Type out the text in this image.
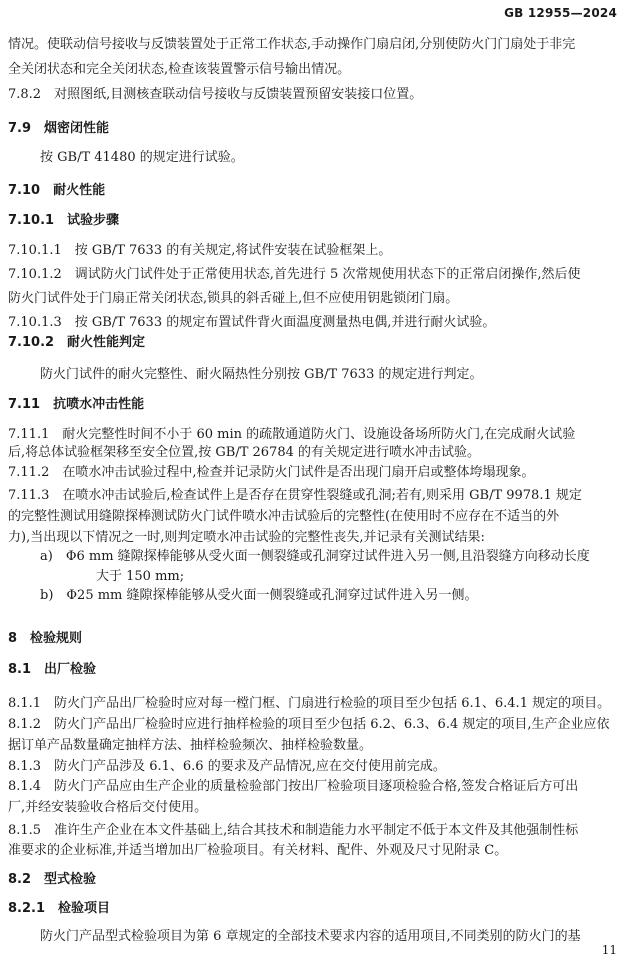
GB 12955—2024
情况。使联动信号接收与反馈装置处于正常工作状态,手动操作门扇启闭,分别使防火门门扇处于非完
全关闭状态和完全关闭状态,检查该装置警示信号输出情况。
7.8.2　对照图纸,目测核查联动信号接收与反馈装置预留安装接口位置。
7.9　烟密闭性能
按 GB/T 41480 的规定进行试验。
7.10　耐火性能
7.10.1　试验步骤
7.10.1.1　按 GB/T 7633 的有关规定,将试件安装在试验框架上。
7.10.1.2　调试防火门试件处于正常使用状态,首先进行 5 次常规使用状态下的正常启闭操作,然后使
防火门试件处于门扇正常关闭状态,锁具的斜舌碰上,但不应使用钥匙锁闭门扇。
7.10.1.3　按 GB/T 7633 的规定布置试件背火面温度测量热电偶,并进行耐火试验。
7.10.2　耐火性能判定
防火门试件的耐火完整性、耐火隔热性分别按 GB/T 7633 的规定进行判定。
7.11　抗喷水冲击性能
7.11.1　耐火完整性时间不小于 60 min 的疏散通道防火门、设施设备场所防火门,在完成耐火试验
后,将总体试验框架移至安全位置,按 GB/T 26784 的有关规定进行喷水冲击试验。
7.11.2　在喷水冲击试验过程中,检查并记录防火门试件是否出现门扇开启或整体垮塌现象。
7.11.3　在喷水冲击试验后,检查试件上是否存在贯穿性裂缝或孔洞;若有,则采用 GB/T 9978.1 规定
的完整性测试用缝隙探棒测试防火门试件喷水冲击试验后的完整性(在使用时不应存在不适当的外
力),当出现以下情况之一时,则判定喷水冲击试验的完整性丧失,并记录有关测试结果:
a)　Φ6 mm 缝隙探棒能够从受火面一侧裂缝或孔洞穿过试件进入另一侧,且沿裂缝方向移动长度
大于 150 mm;
b)　Φ25 mm 缝隙探棒能够从受火面一侧裂缝或孔洞穿过试件进入另一侧。
8　检验规则
8.1　出厂检验
8.1.1　防火门产品出厂检验时应对每一樘门框、门扇进行检验的项目至少包括 6.1、6.4.1 规定的项目。
8.1.2　防火门产品出厂检验时应进行抽样检验的项目至少包括 6.2、6.3、6.4 规定的项目,生产企业应依
据订单产品数量确定抽样方法、抽样检验频次、抽样检验数量。
8.1.3　防火门产品涉及 6.1、6.6 的要求及产品情况,应在交付使用前完成。
8.1.4　防火门产品应由生产企业的质量检验部门按出厂检验项目逐项检验合格,签发合格证后方可出
厂,并经安装验收合格后交付使用。
8.1.5　准许生产企业在本文件基础上,结合其技术和制造能力水平制定不低于本文件及其他强制性标
准要求的企业标准,并适当增加出厂检验项目。有关材料、配件、外观及尺寸见附录 C。
8.2　型式检验
8.2.1　检验项目
防火门产品型式检验项目为第 6 章规定的全部技术要求内容的适用项目,不同类别的防火门的基
11
